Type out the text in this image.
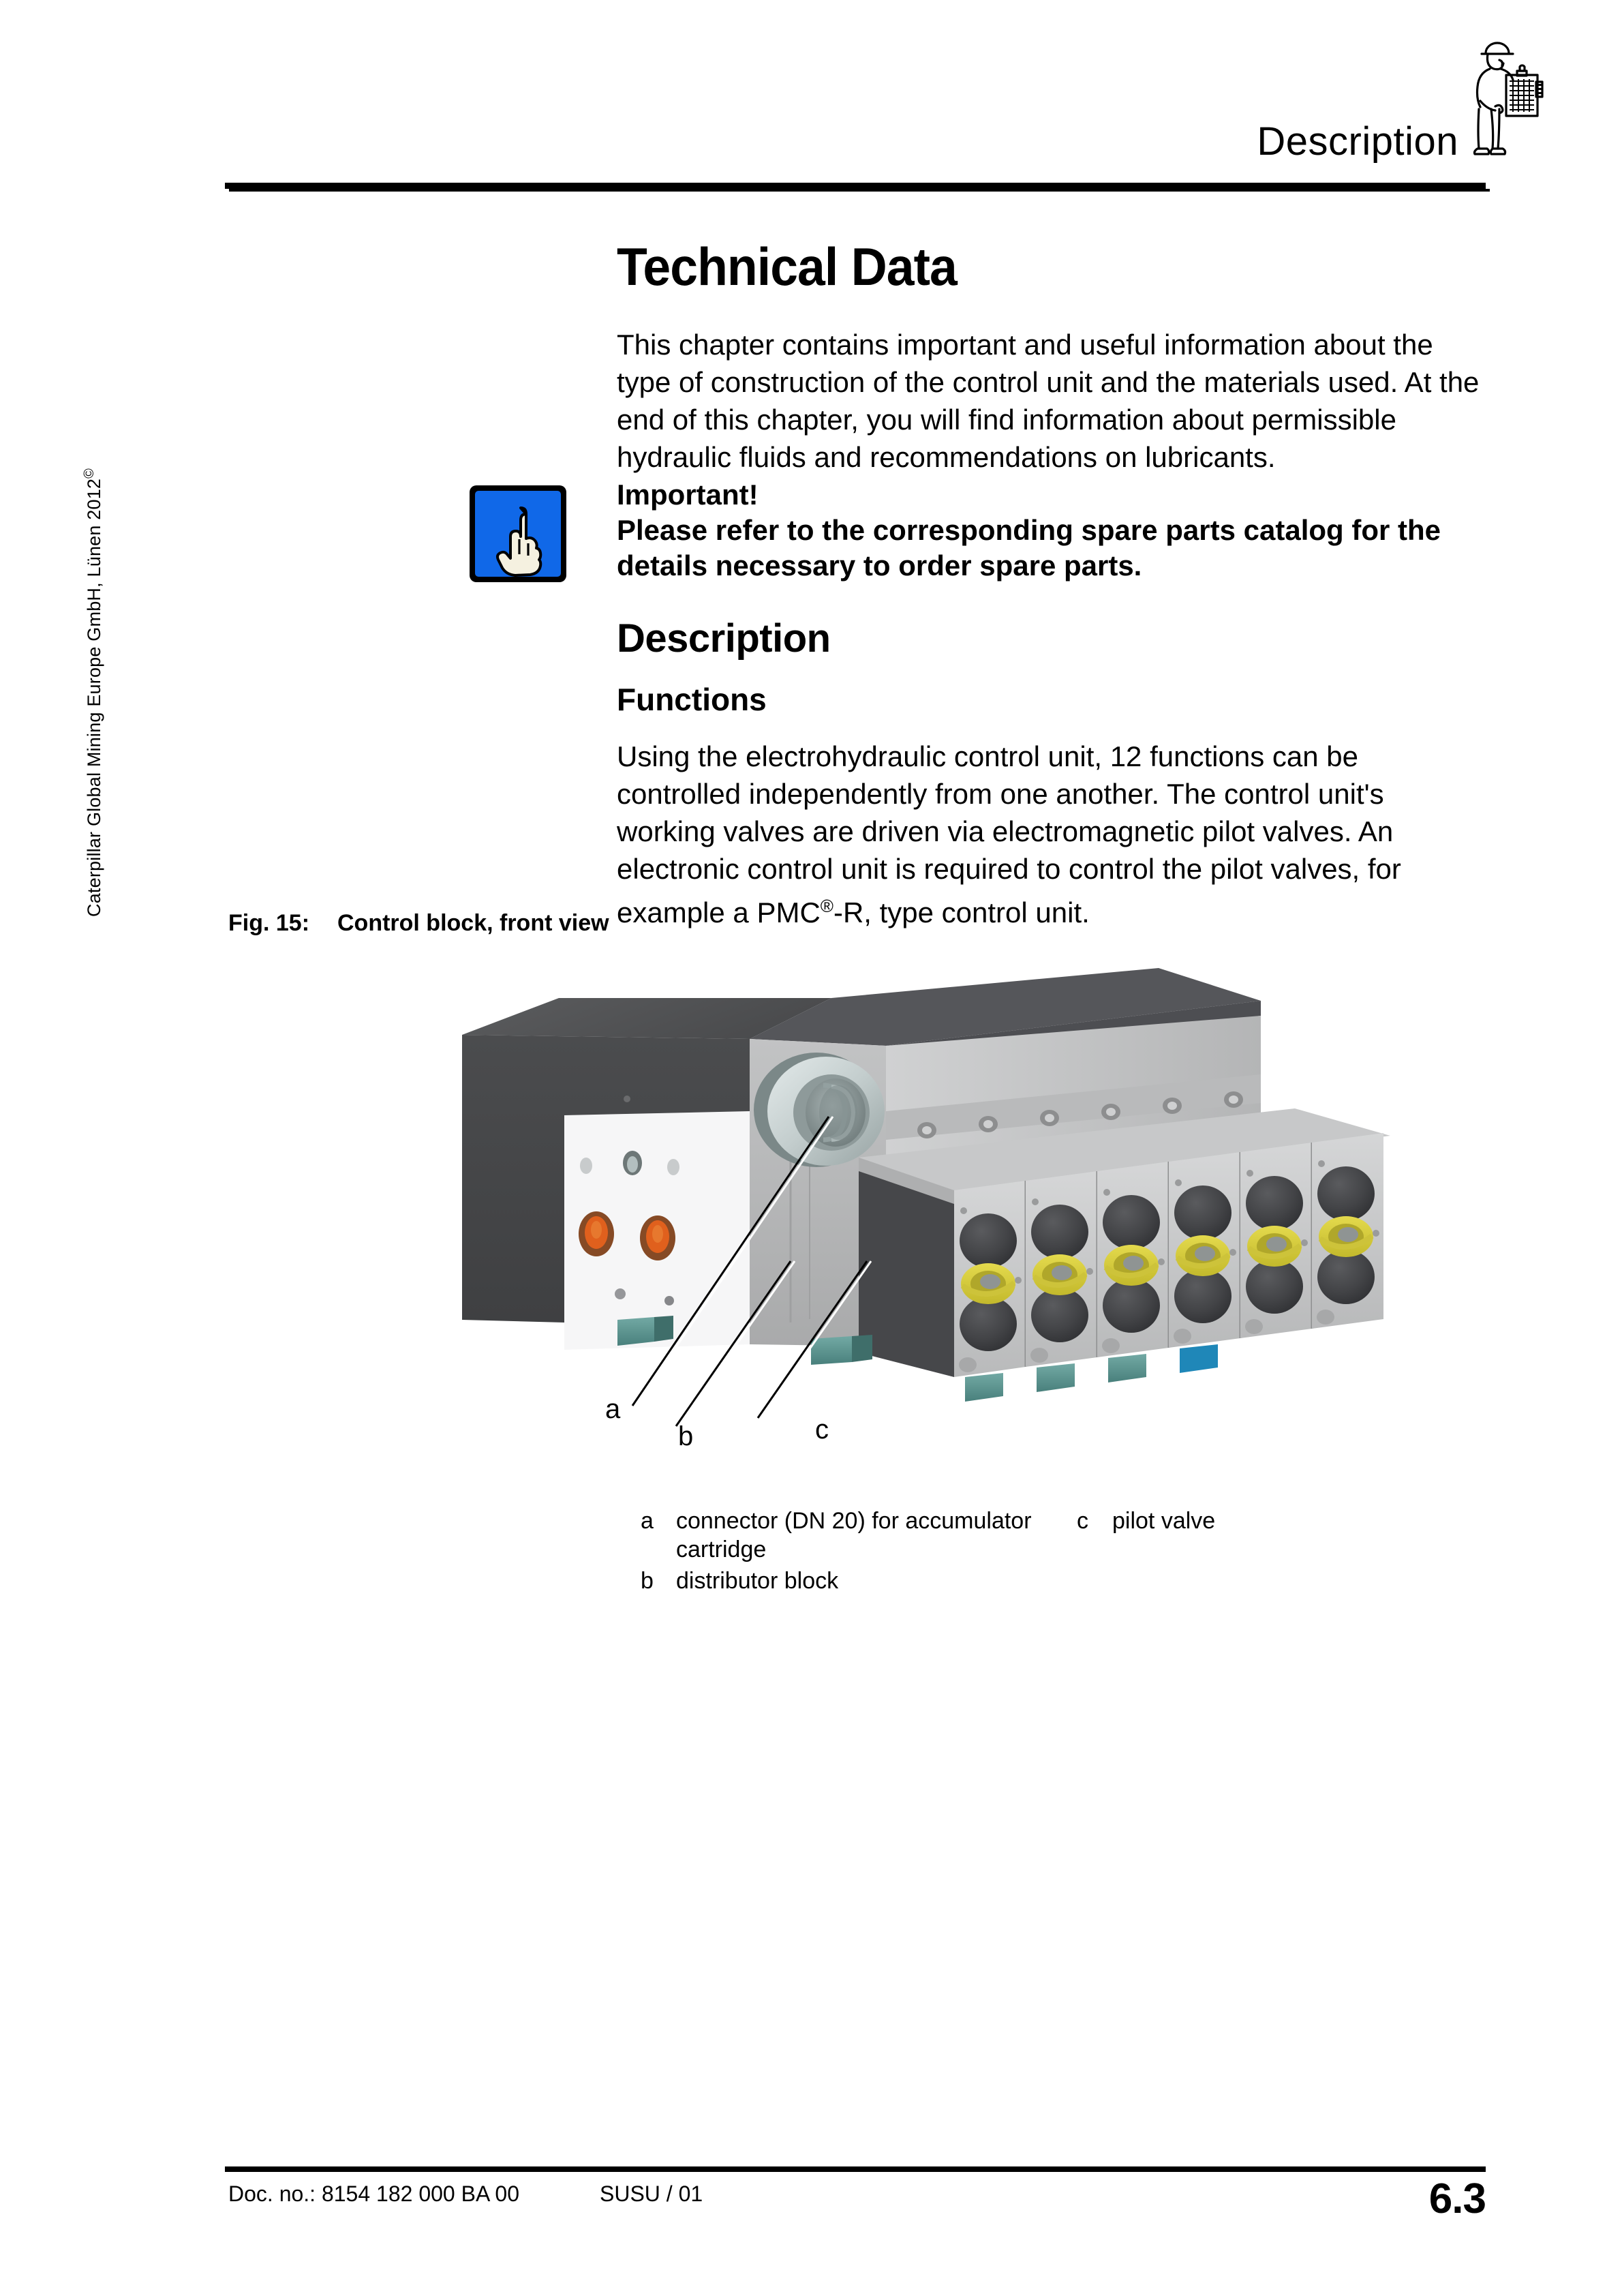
Description
Technical Data
This chapter contains important and useful information about the type of construction of the control unit and the materials used. At the end of this chapter, you will find information about permissible hydraulic fluids and recommendations on lubricants.
Important!
Please refer to the corresponding spare parts catalog for the details necessary to order spare parts.
Description
Functions
Using the electrohydraulic control unit, 12 functions can be controlled independently from one another. The control unit's working valves are driven via electromagnetic pilot valves. An electronic control unit is required to control the pilot valves, for example a PMC®-R, type control unit.
Fig. 15: Control block, front view
Caterpillar Global Mining Europe GmbH, Lünen 2012©
a
b	c
a connector (DN 20) for accumulator cartridge
b distributor block
c pilot valve
Doc. no.: 8154 182 000 BA 00	SUSU / 01	6.3
